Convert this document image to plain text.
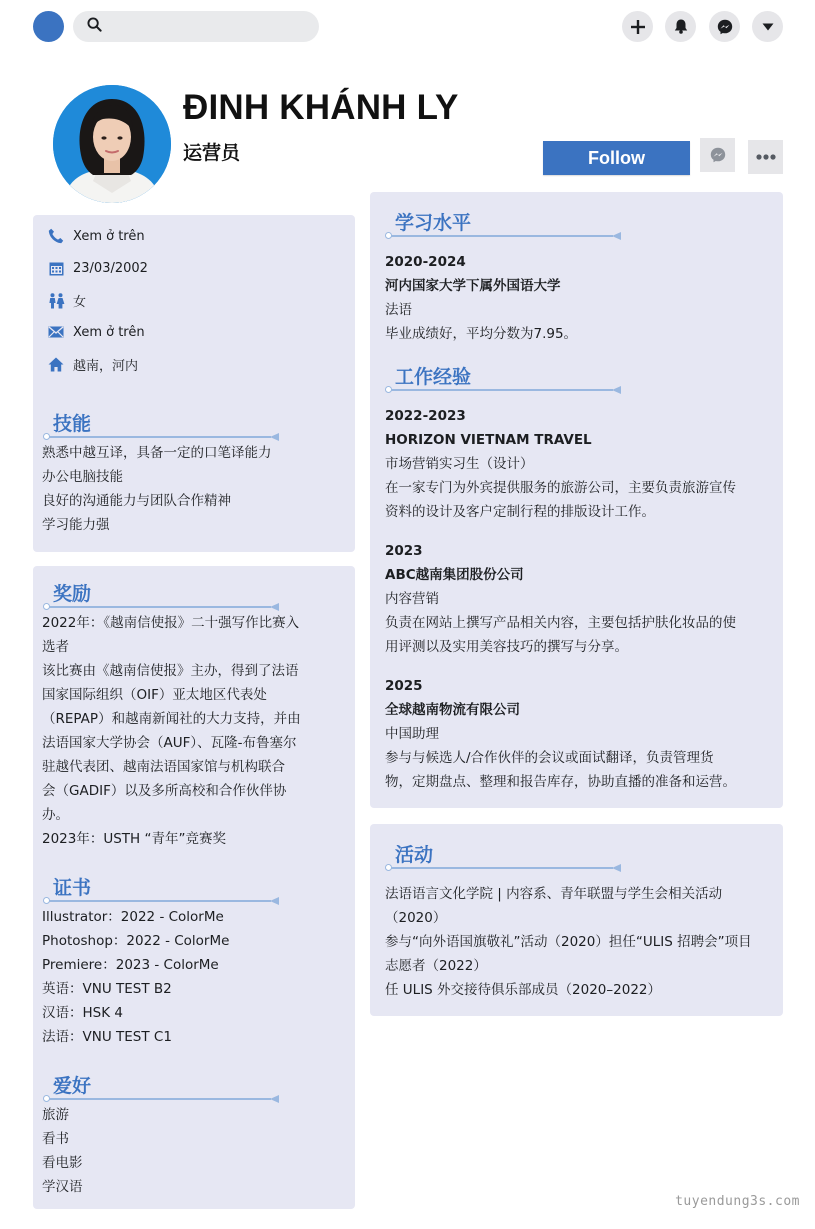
ĐINH KHÁNH LY
运营员	Follow
Xem ở trên
23/03/2002
女
Xem ở trên
越南，河内
技能
熟悉中越互译，具备一定的口笔译能力
办公电脑技能
良好的沟通能力与团队合作精神
学习能力强
奖励
2022年：《越南信使报》二十强写作比赛入
选者
该比赛由《越南信使报》主办，得到了法语
国家国际组织（OIF）亚太地区代表处
（REPAP）和越南新闻社的大力支持，并由
法语国家大学协会（AUF）、瓦隆-布鲁塞尔
驻越代表团、越南法语国家馆与机构联合
会（GADIF）以及多所高校和合作伙伴协
办。
2023年：USTH “青年”竞赛奖
证书
Illustrator：2022 - ColorMe
Photoshop：2022 - ColorMe
Premiere：2023 - ColorMe
英语：VNU TEST B2
汉语：HSK 4
法语：VNU TEST C1
爱好
旅游
看书
看电影
学汉语
学习水平
2020-2024
河内国家大学下属外国语大学
法语
毕业成绩好，平均分数为7.95。
工作经验
2022-2023
HORIZON VIETNAM TRAVEL
市场营销实习生（设计）
在一家专门为外宾提供服务的旅游公司，主要负责旅游宣传
资料的设计及客户定制行程的排版设计工作。
2023
ABC越南集团股份公司
内容营销
负责在网站上撰写产品相关内容，主要包括护肤化妆品的使
用评测以及实用美容技巧的撰写与分享。
2025
全球越南物流有限公司
中国助理
参与与候选人/合作伙伴的会议或面试翻译，负责管理货
物，定期盘点、整理和报告库存，协助直播的准备和运营。
活动
法语语言文化学院 | 内容系、青年联盟与学生会相关活动
（2020）
参与“向外语国旗敬礼”活动（2020）担任“ULIS 招聘会”项目
志愿者（2022）
任 ULIS 外交接待俱乐部成员（2020–2022）
tuyendung3s.com
